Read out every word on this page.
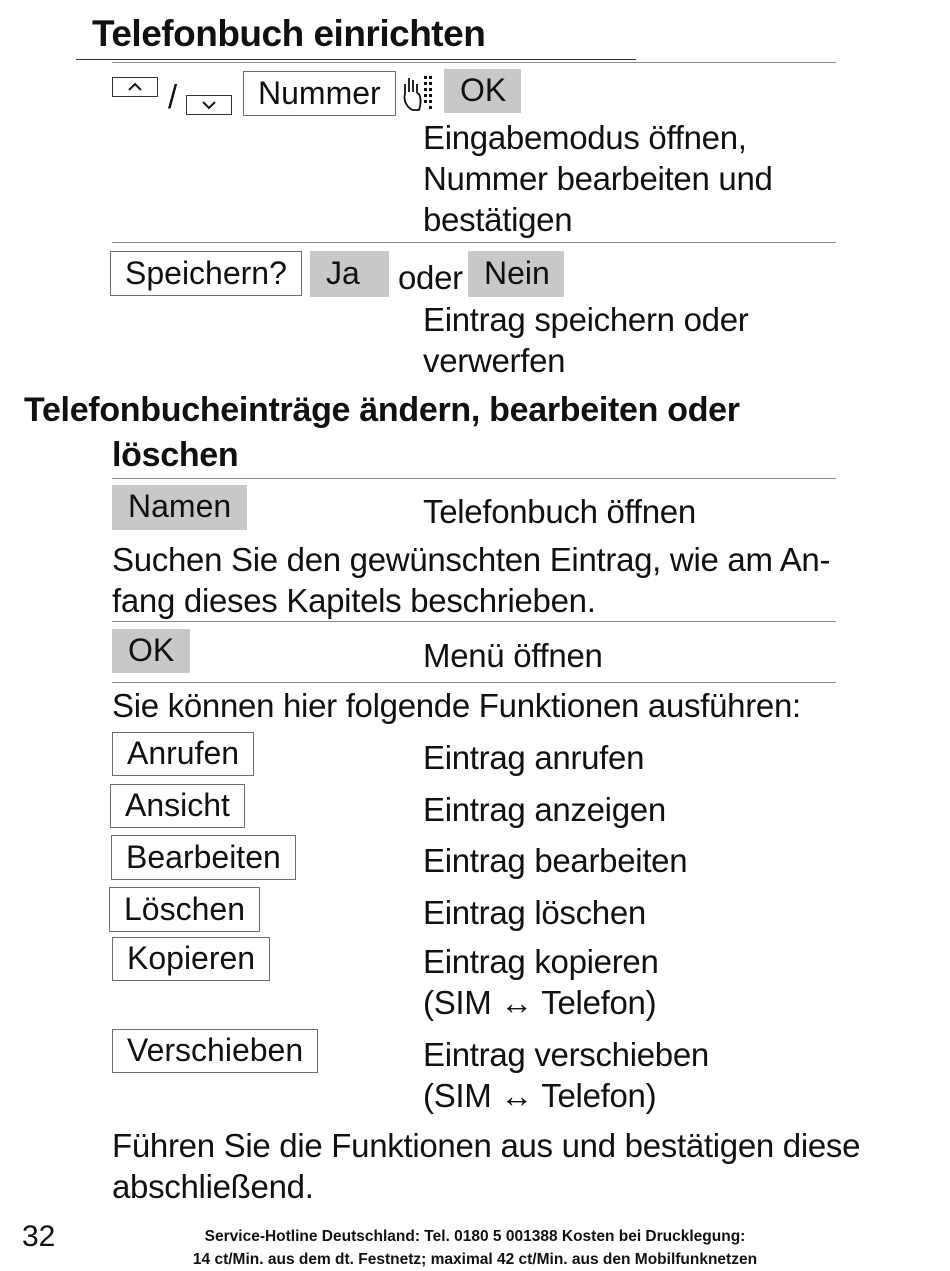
Telefonbuch einrichten
/	Nummer	OK
Eingabemodus öffnen,
Nummer bearbeiten und
bestätigen
Speichern?	Ja	oder Nein
Eintrag speichern oder
verwerfen
Telefonbucheinträge ändern, bearbeiten oder
löschen
Namen	Telefonbuch öffnen
Suchen Sie den gewünschten Eintrag, wie am An-
fang dieses Kapitels beschrieben.
OK	Menü öffnen
Sie können hier folgende Funktionen ausführen:
Anrufen	Eintrag anrufen
Ansicht	Eintrag anzeigen
Bearbeiten	Eintrag bearbeiten
Löschen	Eintrag löschen
Kopieren	Eintrag kopieren
(SIM ↔ Telefon)
Verschieben	Eintrag verschieben
(SIM ↔ Telefon)
Führen Sie die Funktionen aus und bestätigen diese
abschließend.
32	Service-Hotline Deutschland: Tel. 0180 5 001388 Kosten bei Drucklegung:
14 ct/Min. aus dem dt. Festnetz; maximal 42 ct/Min. aus den Mobilfunknetzen
